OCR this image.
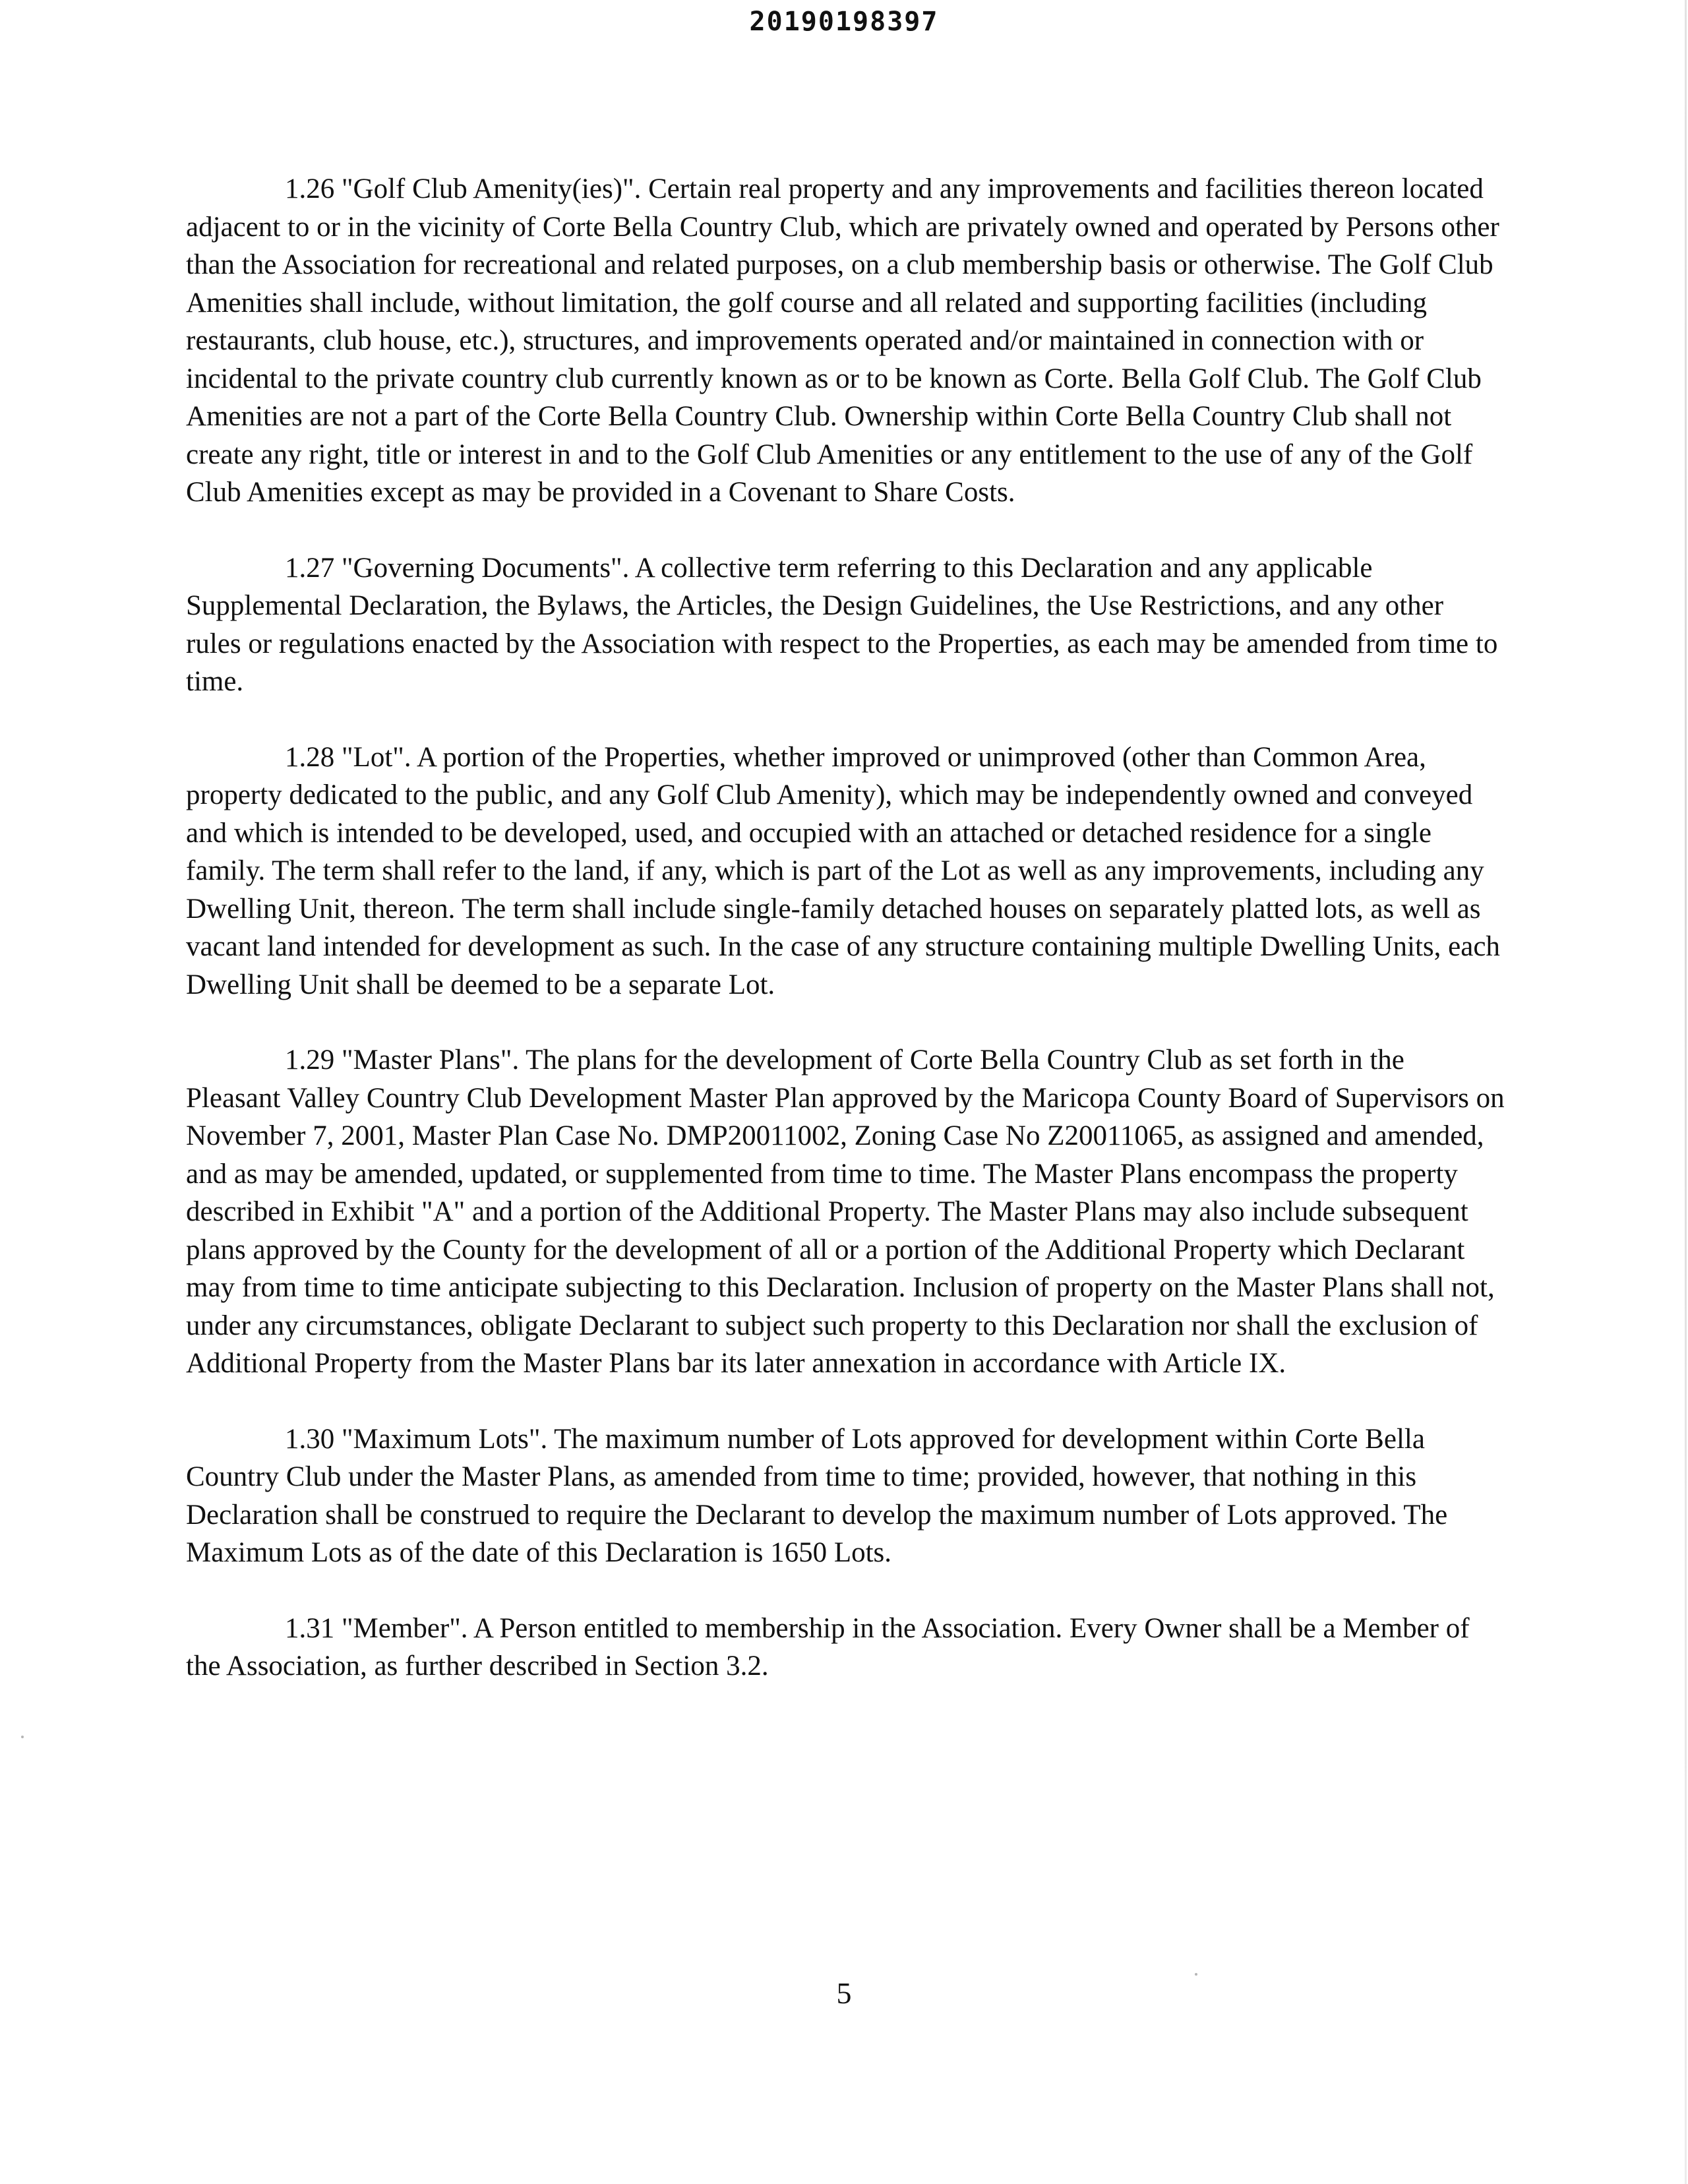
20190198397

1.26 "Golf Club Amenity(ies)". Certain real property and any improvements and facilities thereon located adjacent to or in the vicinity of Corte Bella Country Club, which are privately owned and operated by Persons other than the Association for recreational and related purposes, on a club membership basis or otherwise. The Golf Club Amenities shall include, without limitation, the golf course and all related and supporting facilities (including restaurants, club house, etc.), structures, and improvements operated and/or maintained in connection with or incidental to the private country club currently known as or to be known as Corte. Bella Golf Club. The Golf Club Amenities are not a part of the Corte Bella Country Club. Ownership within Corte Bella Country Club shall not create any right, title or interest in and to the Golf Club Amenities or any entitlement to the use of any of the Golf Club Amenities except as may be provided in a Covenant to Share Costs.

1.27 "Governing Documents". A collective term referring to this Declaration and any applicable Supplemental Declaration, the Bylaws, the Articles, the Design Guidelines, the Use Restrictions, and any other rules or regulations enacted by the Association with respect to the Properties, as each may be amended from time to time.

1.28 "Lot". A portion of the Properties, whether improved or unimproved (other than Common Area, property dedicated to the public, and any Golf Club Amenity), which may be independently owned and conveyed and which is intended to be developed, used, and occupied with an attached or detached residence for a single family. The term shall refer to the land, if any, which is part of the Lot as well as any improvements, including any Dwelling Unit, thereon. The term shall include single-family detached houses on separately platted lots, as well as vacant land intended for development as such. In the case of any structure containing multiple Dwelling Units, each Dwelling Unit shall be deemed to be a separate Lot.

1.29 "Master Plans". The plans for the development of Corte Bella Country Club as set forth in the Pleasant Valley Country Club Development Master Plan approved by the Maricopa County Board of Supervisors on November 7, 2001, Master Plan Case No. DMP20011002, Zoning Case No Z20011065, as assigned and amended, and as may be amended, updated, or supplemented from time to time. The Master Plans encompass the property described in Exhibit "A" and a portion of the Additional Property. The Master Plans may also include subsequent plans approved by the County for the development of all or a portion of the Additional Property which Declarant may from time to time anticipate subjecting to this Declaration. Inclusion of property on the Master Plans shall not, under any circumstances, obligate Declarant to subject such property to this Declaration nor shall the exclusion of Additional Property from the Master Plans bar its later annexation in accordance with Article IX.

1.30 "Maximum Lots". The maximum number of Lots approved for development within Corte Bella Country Club under the Master Plans, as amended from time to time; provided, however, that nothing in this Declaration shall be construed to require the Declarant to develop the maximum number of Lots approved. The Maximum Lots as of the date of this Declaration is 1650 Lots.

1.31 "Member". A Person entitled to membership in the Association. Every Owner shall be a Member of the Association, as further described in Section 3.2.

5
